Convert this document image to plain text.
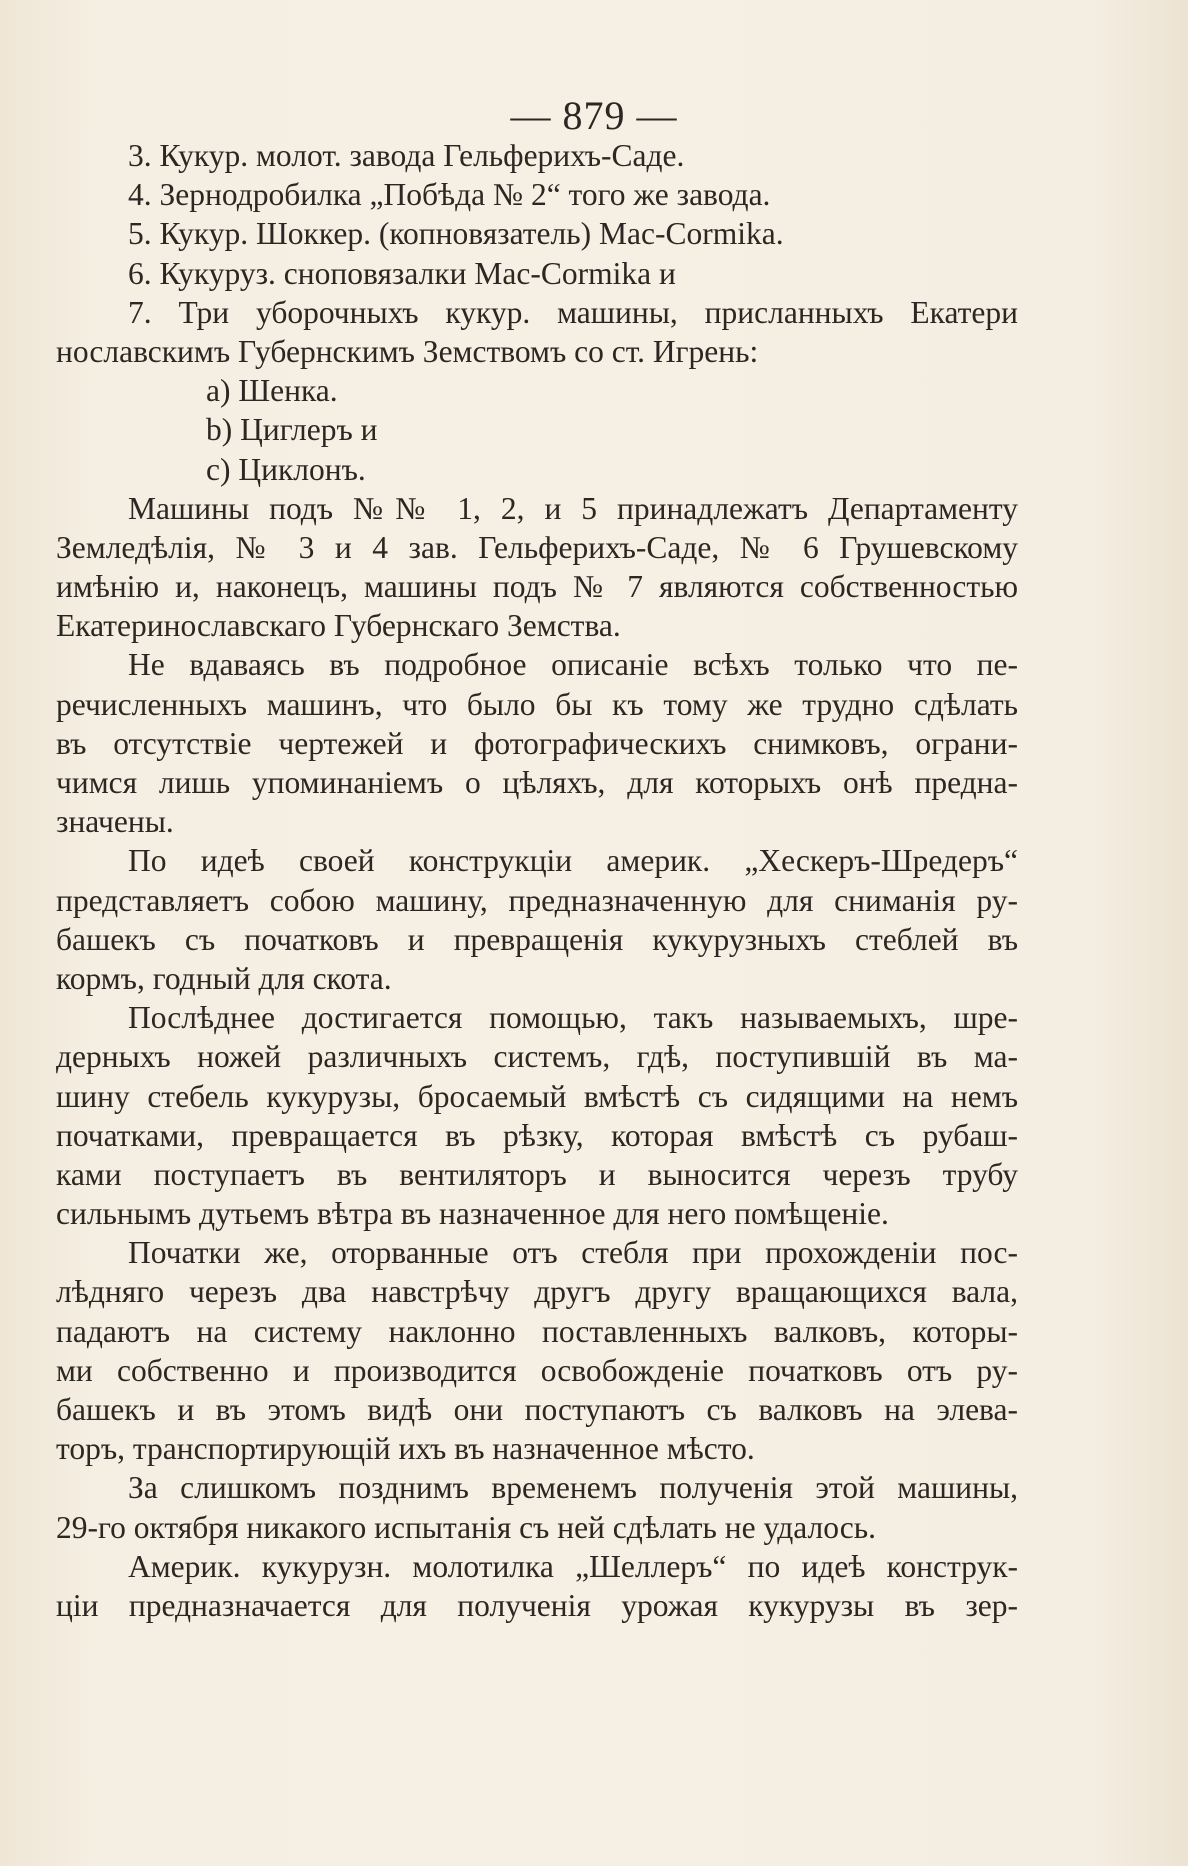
— 879 —
3. Кукур. молот. завода Гельферихъ-Саде.
4. Зернодробилка „Побѣда № 2“ того же завода.
5. Кукур. Шоккер. (копновязатель) Мас-Cormika.
6. Кукуруз. сноповязалки Мас-Cormika и
7. Три уборочныхъ кукур. машины, присланныхъ Екатери
нославскимъ Губернскимъ Земствомъ со ст. Игрень:
a) Шенка.
b) Циглеръ и
c) Циклонъ.
Машины подъ №№ 1, 2, и 5 принадлежатъ Департаменту
Земледѣлiя, № 3 и 4 зав. Гельферихъ-Саде, № 6 Грушевскому
имѣнiю и, наконецъ, машины подъ № 7 являются собственностью
Екатеринославскаго Губернскаго Земства.
Не вдаваясь въ подробное описанiе всѣхъ только что пе-
речисленныхъ машинъ, что было бы къ тому же трудно сдѣлать
въ отсутствiе чертежей и фотографическихъ снимковъ, ограни-
чимся лишь упоминанiемъ о цѣляхъ, для которыхъ онѣ предна-
значены.
По идеѣ своей конструкцiи америк. „Хескеръ-Шредеръ“
представляетъ собою машину, предназначенную для сниманiя ру-
башекъ съ початковъ и превращенiя кукурузныхъ стеблей въ
кормъ, годный для скота.
Послѣднее достигается помощью, такъ называемыхъ, шре-
дерныхъ ножей различныхъ системъ, гдѣ, поступившiй въ ма-
шину стебель кукурузы, бросаемый вмѣстѣ съ сидящими на немъ
початками, превращается въ рѣзку, которая вмѣстѣ съ рубаш-
ками поступаетъ въ вентиляторъ и выносится черезъ трубу
сильнымъ дутьемъ вѣтра въ назначенное для него помѣщенiе.
Початки же, оторванные отъ стебля при прохожденiи пос-
лѣдняго черезъ два навстрѣчу другъ другу вращающихся вала,
падаютъ на систему наклонно поставленныхъ валковъ, которы-
ми собственно и производится освобожденiе початковъ отъ ру-
башекъ и въ этомъ видѣ они поступаютъ съ валковъ на элева-
торъ, транспортирующiй ихъ въ назначенное мѣсто.
За слишкомъ позднимъ временемъ полученiя этой машины,
29-го октября никакого испытанiя съ ней сдѣлать не удалось.
Америк. кукурузн. молотилка „Шеллеръ“ по идеѣ конструк-
цiи предназначается для полученiя урожая кукурузы въ зер-
